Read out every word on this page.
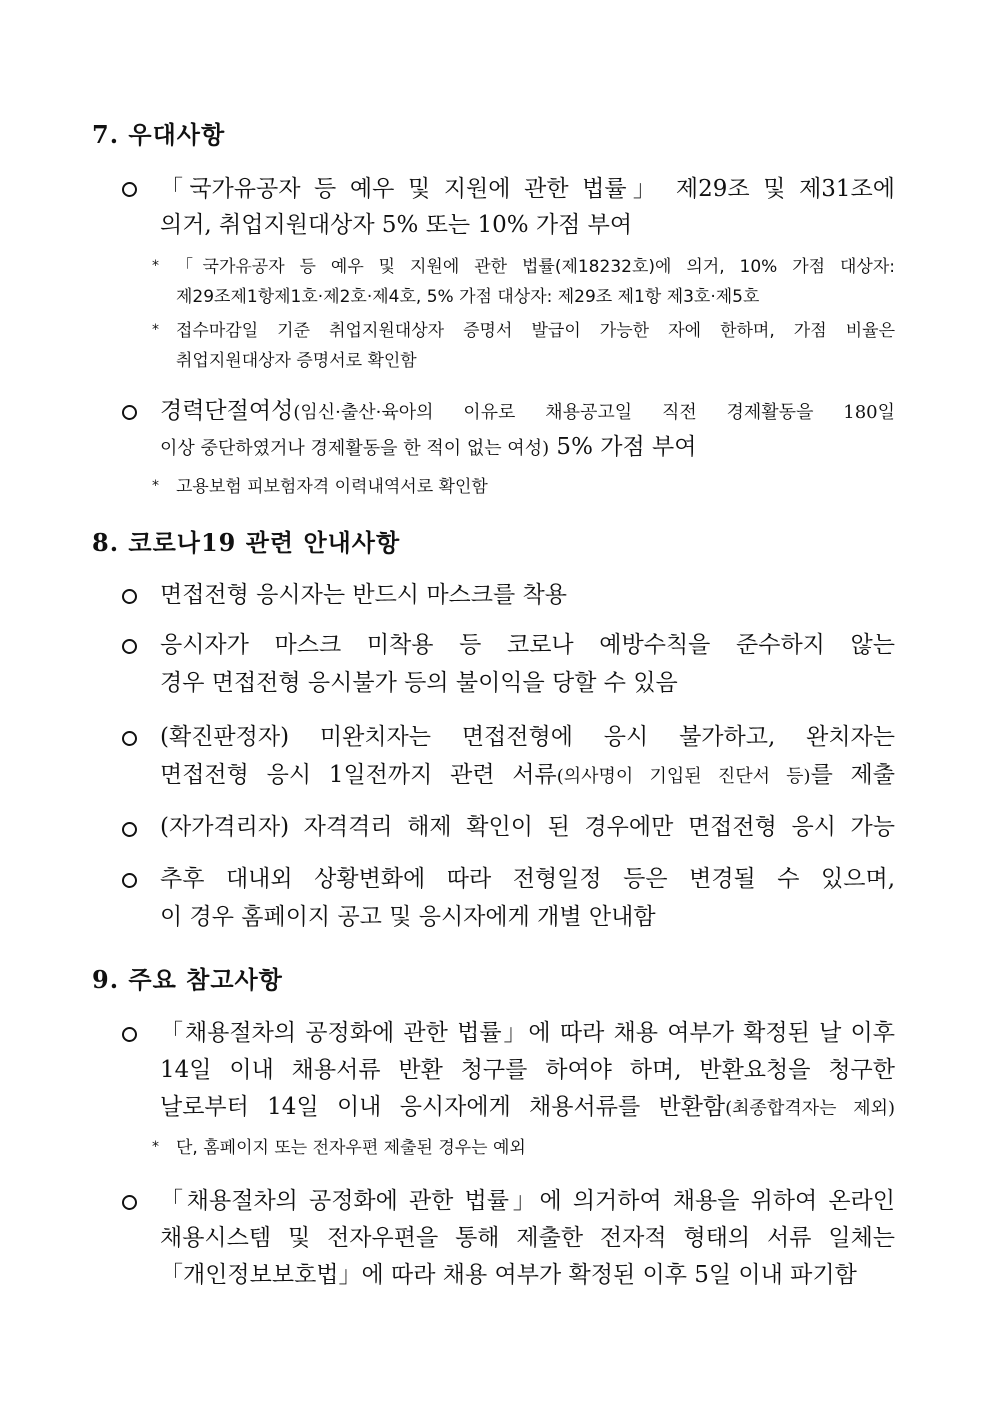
7. 우대사항
「국가유공자 등 예우 및 지원에 관한 법률」 제29조 및 제31조에
의거, 취업지원대상자 5% 또는 10% 가점 부여
* 「국가유공자 등 예우 및 지원에 관한 법률(제18232호)에 의거, 10% 가점 대상자:
제29조제1항제1호·제2호·제4호, 5% 가점 대상자: 제29조 제1항 제3호·제5호
* 접수마감일 기준 취업지원대상자 증명서 발급이 가능한 자에 한하며, 가점 비율은
취업지원대상자 증명서로 확인함
경력단절여성(임신·출산·육아의 이유로 채용공고일 직전 경제활동을 180일
이상 중단하였거나 경제활동을 한 적이 없는 여성) 5% 가점 부여
* 고용보험 피보험자격 이력내역서로 확인함
8. 코로나19 관련 안내사항
면접전형 응시자는 반드시 마스크를 착용
응시자가 마스크 미착용 등 코로나 예방수칙을 준수하지 않는
경우 면접전형 응시불가 등의 불이익을 당할 수 있음
(확진판정자) 미완치자는 면접전형에 응시 불가하고, 완치자는
면접전형 응시 1일전까지 관련 서류(의사명이 기입된 진단서 등)를 제출
(자가격리자) 자격격리 해제 확인이 된 경우에만 면접전형 응시 가능
추후 대내외 상황변화에 따라 전형일정 등은 변경될 수 있으며,
이 경우 홈페이지 공고 및 응시자에게 개별 안내함
9. 주요 참고사항
「채용절차의 공정화에 관한 법률」에 따라 채용 여부가 확정된 날 이후
14일 이내 채용서류 반환 청구를 하여야 하며, 반환요청을 청구한
날로부터 14일 이내 응시자에게 채용서류를 반환함(최종합격자는 제외)
* 단, 홈페이지 또는 전자우편 제출된 경우는 예외
「채용절차의 공정화에 관한 법률」에 의거하여 채용을 위하여 온라인
채용시스템 및 전자우편을 통해 제출한 전자적 형태의 서류 일체는
「개인정보보호법」에 따라 채용 여부가 확정된 이후 5일 이내 파기함
